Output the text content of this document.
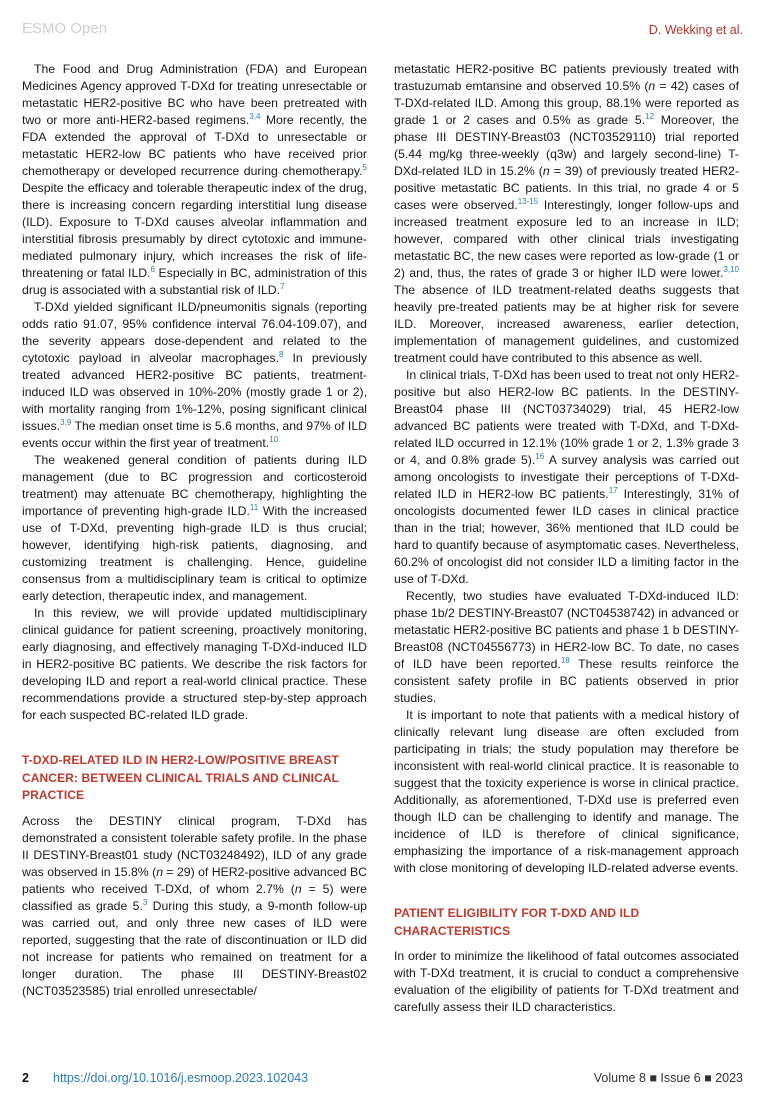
ESMO Open	D. Wekking et al.

The Food and Drug Administration (FDA) and European Medicines Agency approved T-DXd for treating unresectable or metastatic HER2-positive BC who have been pretreated with two or more anti-HER2-based regimens.$^{3,4}$ More recently, the FDA extended the approval of T-DXd to unresectable or metastatic HER2-low BC patients who have received prior chemotherapy or developed recurrence during chemotherapy.$^5$ Despite the efficacy and tolerable therapeutic index of the drug, there is increasing concern regarding interstitial lung disease (ILD). Exposure to T-DXd causes alveolar inflammation and interstitial fibrosis presumably by direct cytotoxic and immune-mediated pulmonary injury, which increases the risk of life-threatening or fatal ILD.$^6$ Especially in BC, administration of this drug is associated with a substantial risk of ILD.$^7$

T-DXd yielded significant ILD/pneumonitis signals (reporting odds ratio 91.07, 95% confidence interval 76.04-109.07), and the severity appears dose-dependent and related to the cytotoxic payload in alveolar macrophages.$^8$ In previously treated advanced HER2-positive BC patients, treatment-induced ILD was observed in 10%-20% (mostly grade 1 or 2), with mortality ranging from 1%-12%, posing significant clinical issues.$^{3,9}$ The median onset time is 5.6 months, and 97% of ILD events occur within the first year of treatment.$^{10}$

The weakened general condition of patients during ILD management (due to BC progression and corticosteroid treatment) may attenuate BC chemotherapy, highlighting the importance of preventing high-grade ILD.$^{11}$ With the increased use of T-DXd, preventing high-grade ILD is thus crucial; however, identifying high-risk patients, diagnosing, and customizing treatment is challenging. Hence, guideline consensus from a multidisciplinary team is critical to optimize early detection, therapeutic index, and management.

In this review, we will provide updated multidisciplinary clinical guidance for patient screening, proactively monitoring, early diagnosing, and effectively managing T-DXd-induced ILD in HER2-positive BC patients. We describe the risk factors for developing ILD and report a real-world clinical practice. These recommendations provide a structured step-by-step approach for each suspected BC-related ILD grade.

T-DXD-RELATED ILD IN HER2-LOW/POSITIVE BREAST CANCER: BETWEEN CLINICAL TRIALS AND CLINICAL PRACTICE

Across the DESTINY clinical program, T-DXd has demonstrated a consistent tolerable safety profile. In the phase II DESTINY-Breast01 study (NCT03248492), ILD of any grade was observed in 15.8% (n = 29) of HER2-positive advanced BC patients who received T-DXd, of whom 2.7% (n = 5) were classified as grade 5.$^3$ During this study, a 9-month follow-up was carried out, and only three new cases of ILD were reported, suggesting that the rate of discontinuation or ILD did not increase for patients who remained on treatment for a longer duration. The phase III DESTINY-Breast02 (NCT03523585) trial enrolled unresectable/

metastatic HER2-positive BC patients previously treated with trastuzumab emtansine and observed 10.5% (n = 42) cases of T-DXd-related ILD. Among this group, 88.1% were reported as grade 1 or 2 cases and 0.5% as grade 5.12 Moreover, the phase III DESTINY-Breast03 (NCT03529110) trial reported (5.44 mg/kg three-weekly (q3w) and largely second-line) T-DXd-related ILD in 15.2% (n = 39) of previously treated HER2-positive metastatic BC patients. In this trial, no grade 4 or 5 cases were observed.$^{13-15}$ Interestingly, longer follow-ups and increased treatment exposure led to an increase in ILD; however, compared with other clinical trials investigating metastatic BC, the new cases were reported as low-grade (1 or 2) and, thus, the rates of grade 3 or higher ILD were lower.$^{3,10}$ The absence of ILD treatment-related deaths suggests that heavily pre-treated patients may be at higher risk for severe ILD. Moreover, increased awareness, earlier detection, implementation of management guidelines, and customized treatment could have contributed to this absence as well.

In clinical trials, T-DXd has been used to treat not only HER2-positive but also HER2-low BC patients. In the DESTINY-Breast04 phase III (NCT03734029) trial, 45 HER2-low advanced BC patients were treated with T-DXd, and T-DXd-related ILD occurred in 12.1% (10% grade 1 or 2, 1.3% grade 3 or 4, and 0.8% grade 5).$^{16}$ A survey analysis was carried out among oncologists to investigate their perceptions of T-DXd-related ILD in HER2-low BC patients.$^{17}$ Interestingly, 31% of oncologists documented fewer ILD cases in clinical practice than in the trial; however, 36% mentioned that ILD could be hard to quantify because of asymptomatic cases. Nevertheless, 60.2% of oncologist did not consider ILD a limiting factor in the use of T-DXd.

Recently, two studies have evaluated T-DXd-induced ILD: phase 1b/2 DESTINY-Breast07 (NCT04538742) in advanced or metastatic HER2-positive BC patients and phase 1 b DESTINY-Breast08 (NCT04556773) in HER2-low BC. To date, no cases of ILD have been reported.$^{18}$ These results reinforce the consistent safety profile in BC patients observed in prior studies.

It is important to note that patients with a medical history of clinically relevant lung disease are often excluded from participating in trials; the study population may therefore be inconsistent with real-world clinical practice. It is reasonable to suggest that the toxicity experience is worse in clinical practice. Additionally, as aforementioned, T-DXd use is preferred even though ILD can be challenging to identify and manage. The incidence of ILD is therefore of clinical significance, emphasizing the importance of a risk-management approach with close monitoring of developing ILD-related adverse events.

PATIENT ELIGIBILITY FOR T-DXD AND ILD CHARACTERISTICS

In order to minimize the likelihood of fatal outcomes associated with T-DXd treatment, it is crucial to conduct a comprehensive evaluation of the eligibility of patients for T-DXd treatment and carefully assess their ILD characteristics.

2 https://doi.org/10.1016/j.esmoop.2023.102043	Volume 8 ■ Issue 6 ■ 2023
